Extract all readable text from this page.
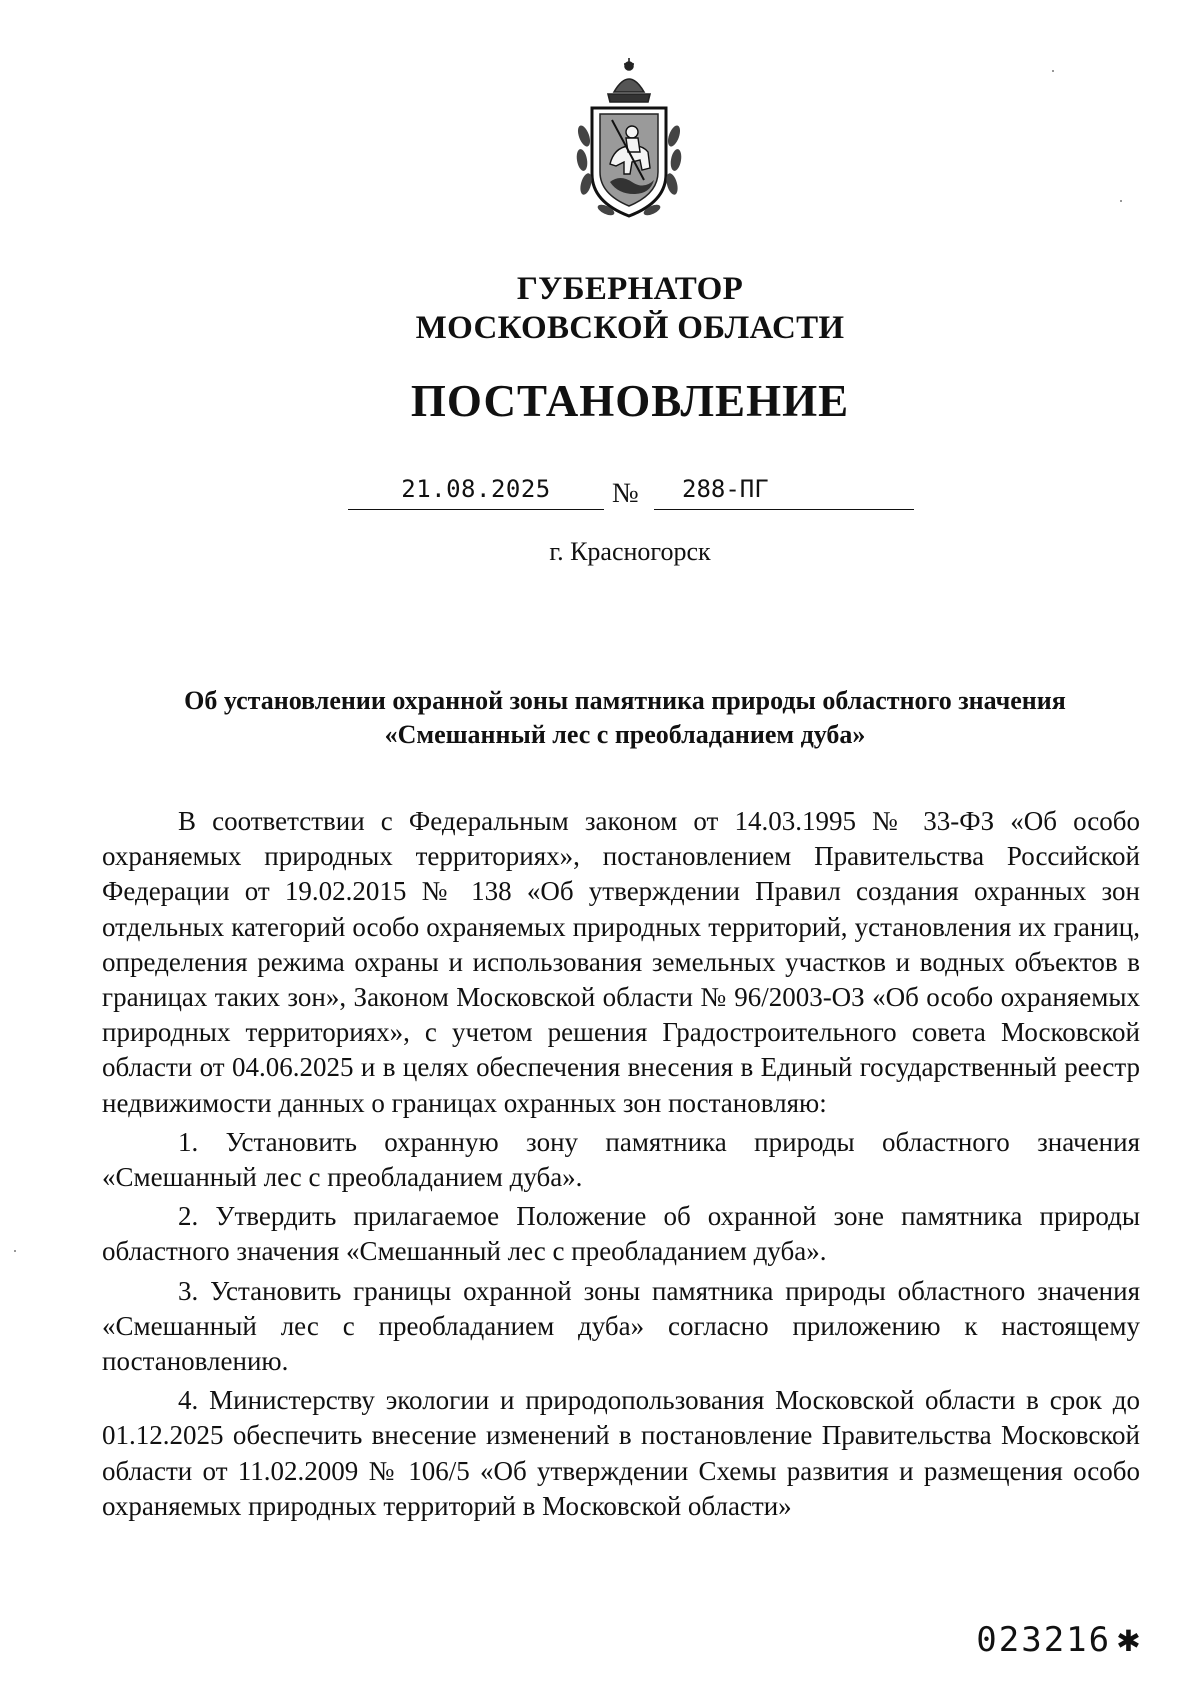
ГУБЕРНАТОР
МОСКОВСКОЙ ОБЛАСТИ
ПОСТАНОВЛЕНИЕ
21.08.2025	№	288-ПГ
г. Красногорск
Об установлении охранной зоны памятника природы областного значения
«Смешанный лес с преобладанием дуба»

В соответствии с Федеральным законом от 14.03.1995 № 33-ФЗ «Об особо охраняемых природных территориях», постановлением Правительства Российской Федерации от 19.02.2015 № 138 «Об утверждении Правил создания охранных зон отдельных категорий особо охраняемых природных территорий, установления их границ, определения режима охраны и использования земельных участков и водных объектов в границах таких зон», Законом Московской области № 96/2003-ОЗ «Об особо охраняемых природных территориях», с учетом решения Градостроительного совета Московской области от 04.06.2025 и в целях обеспечения внесения в Единый государственный реестр недвижимости данных о границах охранных зон постановляю:

1. Установить охранную зону памятника природы областного значения «Смешанный лес с преобладанием дуба».

2. Утвердить прилагаемое Положение об охранной зоне памятника природы областного значения «Смешанный лес с преобладанием дуба».

3. Установить границы охранной зоны памятника природы областного значения «Смешанный лес с преобладанием дуба» согласно приложению к настоящему постановлению.

4. Министерству экологии и природопользования Московской области в срок до 01.12.2025 обеспечить внесение изменений в постановление Правительства Московской области от 11.02.2009 № 106/5 «Об утверждении Схемы развития и размещения особо охраняемых природных территорий в Московской области»

023216 ✱
